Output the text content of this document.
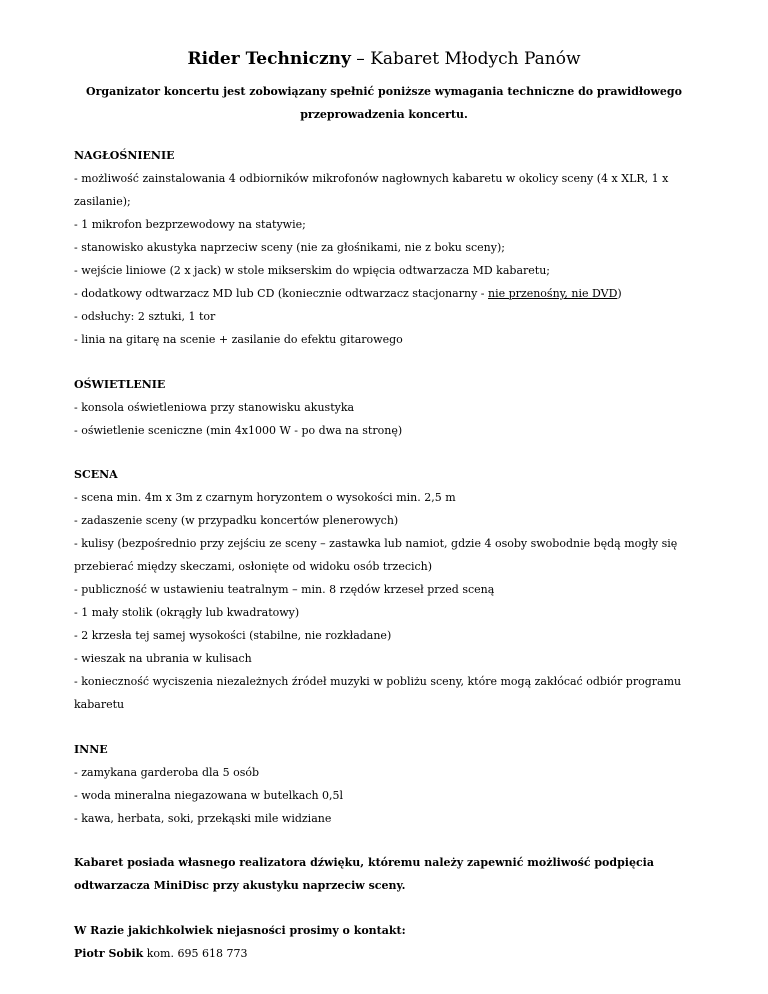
Rider Techniczny – Kabaret Młodych Panów
Organizator koncertu jest zobowiązany spełnić poniższe wymagania techniczne do prawidłowego
przeprowadzenia koncertu.
NAGŁOŚNIENIE
- możliwość zainstalowania 4 odbiorników mikrofonów nagłownych kabaretu w okolicy sceny (4 x XLR, 1 x
zasilanie);
- 1 mikrofon bezprzewodowy na statywie;
- stanowisko akustyka naprzeciw sceny (nie za głośnikami, nie z boku sceny);
- wejście liniowe (2 x jack) w stole mikserskim do wpięcia odtwarzacza MD kabaretu;
- dodatkowy odtwarzacz MD lub CD (koniecznie odtwarzacz stacjonarny - nie przenośny, nie DVD)
- odsłuchy: 2 sztuki, 1 tor
- linia na gitarę na scenie + zasilanie do efektu gitarowego
OŚWIETLENIE
- konsola oświetleniowa przy stanowisku akustyka
- oświetlenie sceniczne (min 4x1000 W - po dwa na stronę)
SCENA
- scena min. 4m x 3m z czarnym horyzontem o wysokości min. 2,5 m
- zadaszenie sceny (w przypadku koncertów plenerowych)
- kulisy (bezpośrednio przy zejściu ze sceny – zastawka lub namiot, gdzie 4 osoby swobodnie będą mogły się
przebierać między skeczami, osłonięte od widoku osób trzecich)
- publiczność w ustawieniu teatralnym – min. 8 rzędów krzeseł przed sceną
- 1 mały stolik (okrągły lub kwadratowy)
- 2 krzesła tej samej wysokości (stabilne, nie rozkładane)
- wieszak na ubrania w kulisach
- konieczność wyciszenia niezależnych źródeł muzyki w pobliżu sceny, które mogą zakłócać odbiór programu
kabaretu
INNE
- zamykana garderoba dla 5 osób
- woda mineralna niegazowana w butelkach 0,5l
- kawa, herbata, soki, przekąski mile widziane
Kabaret posiada własnego realizatora dźwięku, któremu należy zapewnić możliwość podpięcia
odtwarzacza MiniDisc przy akustyku naprzeciw sceny.
W Razie jakichkolwiek niejasności prosimy o kontakt:
Piotr Sobik kom. 695 618 773
